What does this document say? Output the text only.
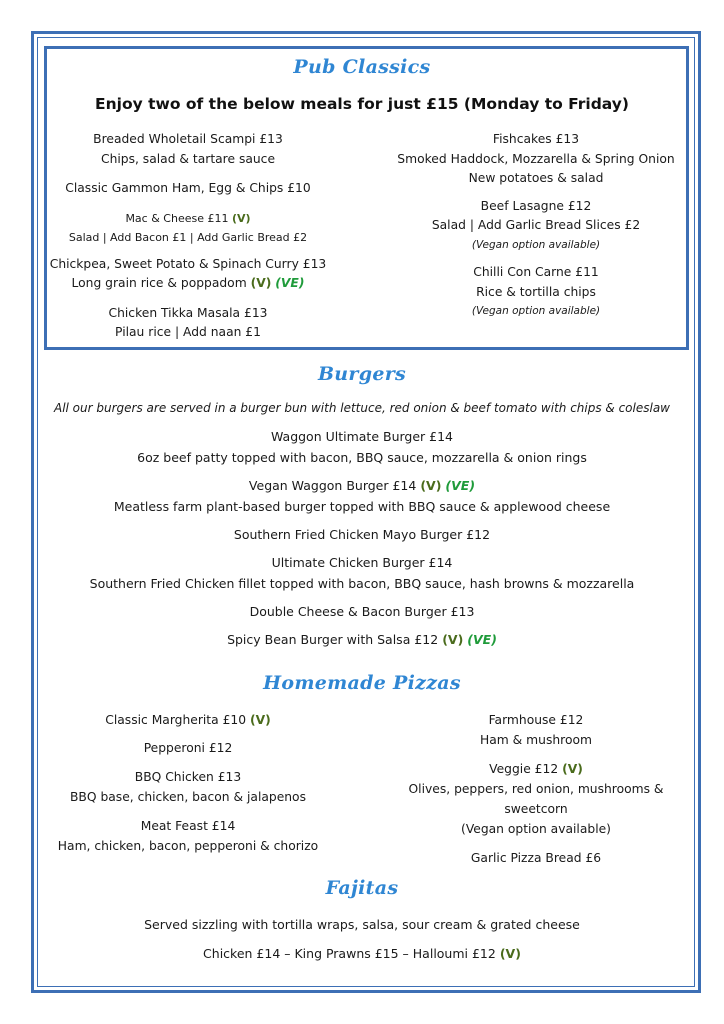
Pub Classics
Enjoy two of the below meals for just £15 (Monday to Friday)

Breaded Wholetail Scampi £13

Chips, salad & tartare sauce

Classic Gammon Ham, Egg & Chips £10

Mac & Cheese £11 (V)

Salad | Add Bacon £1 | Add Garlic Bread £2

Chickpea, Sweet Potato & Spinach Curry £13

Long grain rice & poppadom (V) (VE)

Chicken Tikka Masala £13

Pilau rice | Add naan £1

Fishcakes £13

Smoked Haddock, Mozzarella & Spring Onion

New potatoes & salad

Beef Lasagne £12

Salad | Add Garlic Bread Slices £2

(Vegan option available)

Chilli Con Carne £11

Rice & tortilla chips

(Vegan option available)

Burgers

All our burgers are served in a burger bun with lettuce, red onion & beef tomato with chips & coleslaw

Waggon Ultimate Burger £14

6oz beef patty topped with bacon, BBQ sauce, mozzarella & onion rings

Vegan Waggon Burger £14 (V) (VE)

Meatless farm plant-based burger topped with BBQ sauce & applewood cheese

Southern Fried Chicken Mayo Burger £12

Ultimate Chicken Burger £14

Southern Fried Chicken fillet topped with bacon, BBQ sauce, hash browns & mozzarella

Double Cheese & Bacon Burger £13

Spicy Bean Burger with Salsa £12 (V) (VE)

Homemade Pizzas

Classic Margherita £10 (V)

Pepperoni £12

BBQ Chicken £13

BBQ base, chicken, bacon & jalapenos

Meat Feast £14

Ham, chicken, bacon, pepperoni & chorizo

Farmhouse £12

Ham & mushroom

Veggie £12 (V)

Olives, peppers, red onion, mushrooms &

sweetcorn

(Vegan option available)

Garlic Pizza Bread £6

Fajitas

Served sizzling with tortilla wraps, salsa, sour cream & grated cheese

Chicken £14 – King Prawns £15 – Halloumi £12 (V)
